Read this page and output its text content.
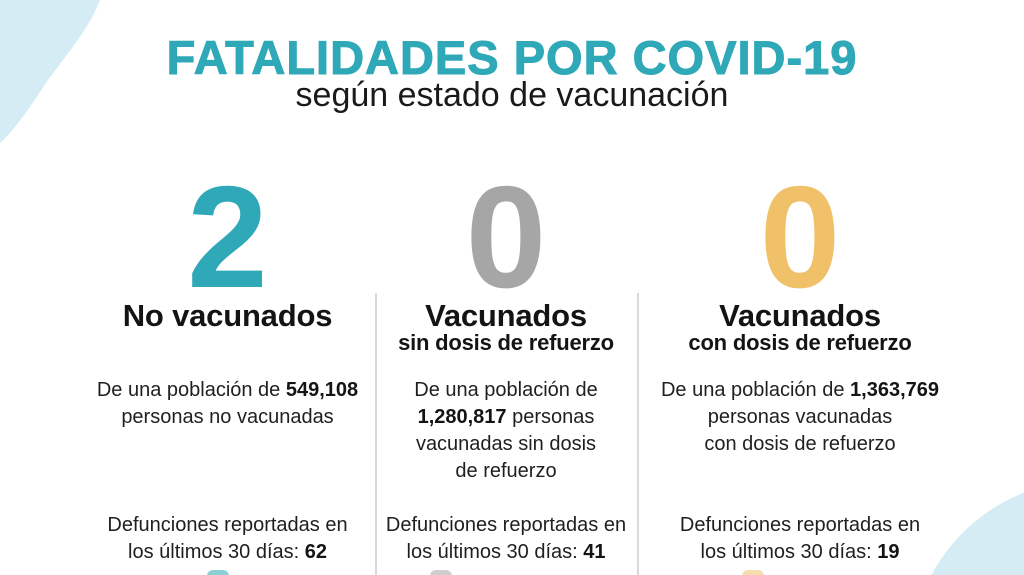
FATALIDADES POR COVID-19
según estado de vacunación
2
No vacunados
De una población de 549,108
personas no vacunadas
Defunciones reportadas en
los últimos 30 días: 62
0
Vacunados
sin dosis de refuerzo
De una población de
1,280,817 personas
vacunadas sin dosis
de refuerzo
Defunciones reportadas en
los últimos 30 días: 41
0
Vacunados
con dosis de refuerzo
De una población de 1,363,769
personas vacunadas
con dosis de refuerzo
Defunciones reportadas en
los últimos 30 días: 19
